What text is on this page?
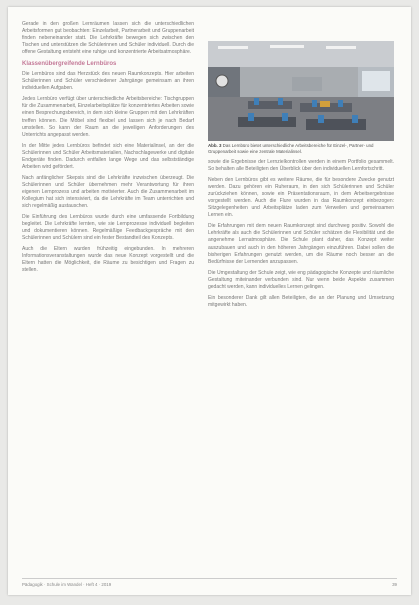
Gerade in den großen Lernräumen lassen sich die unterschiedlichen Arbeitsformen gut beobachten: Einzelarbeit, Partnerarbeit und Gruppenarbeit finden nebeneinander statt. Die Lehrkräfte bewegen sich zwischen den Tischen und unterstützen die Schülerinnen und Schüler individuell. Durch die offene Gestaltung entsteht eine ruhige und konzentrierte Arbeitsatmosphäre.

Klassenübergreifende Lernbüros

Die Lernbüros sind das Herzstück des neuen Raumkonzepts. Hier arbeiten Schülerinnen und Schüler verschiedener Jahrgänge gemeinsam an ihren individuellen Aufgaben.

Jedes Lernbüro verfügt über unterschiedliche Arbeitsbereiche: Tischgruppen für die Zusammenarbeit, Einzelarbeitsplätze für konzentriertes Arbeiten sowie einen Besprechungsbereich, in dem sich kleine Gruppen mit den Lehrkräften treffen können. Die Möbel sind flexibel und lassen sich je nach Bedarf umstellen. So kann der Raum an die jeweiligen Anforderungen des Unterrichts angepasst werden.

In der Mitte jedes Lernbüros befindet sich eine Materialinsel, an der die Schülerinnen und Schüler Arbeitsmaterialien, Nachschlagewerke und digitale Endgeräte finden. Dadurch entfallen lange Wege und das selbstständige Arbeiten wird gefördert.

Nach anfänglicher Skepsis sind die Lehrkräfte inzwischen überzeugt. Die Schülerinnen und Schüler übernehmen mehr Verantwortung für ihren eigenen Lernprozess und arbeiten motivierter. Auch die Zusammenarbeit im Kollegium hat sich intensiviert, da die Lehrkräfte im Team unterrichten und sich regelmäßig austauschen.

Die Einführung des Lernbüros wurde durch eine umfassende Fortbildung begleitet. Die Lehrkräfte lernten, wie sie Lernprozesse individuell begleiten und dokumentieren können. Regelmäßige Feedbackgespräche mit den Schülerinnen und Schülern sind ein fester Bestandteil des Konzepts.

Auch die Eltern wurden frühzeitig eingebunden. In mehreren Informationsveranstaltungen wurde das neue Konzept vorgestellt und die Eltern hatten die Möglichkeit, die Räume zu besichtigen und Fragen zu stellen.

Abb. 3 Das Lernbüro bietet unterschiedliche Arbeitsbereiche für Einzel-, Partner- und Gruppenarbeit sowie eine zentrale Materialinsel.

sowie die Ergebnisse der Lernzielkontrollen werden in einem Portfolio gesammelt. So behalten alle Beteiligten den Überblick über den individuellen Lernfortschritt.

Neben den Lernbüros gibt es weitere Räume, die für besondere Zwecke genutzt werden. Dazu gehören ein Ruheraum, in den sich Schülerinnen und Schüler zurückziehen können, sowie ein Präsentationsraum, in dem Arbeitsergebnisse vorgestellt werden. Auch die Flure wurden in das Raumkonzept einbezogen: Sitzgelegenheiten und Arbeitsplätze laden zum Verweilen und gemeinsamen Lernen ein.

Die Erfahrungen mit dem neuen Raumkonzept sind durchweg positiv. Sowohl die Lehrkräfte als auch die Schülerinnen und Schüler schätzen die Flexibilität und die angenehme Lernatmosphäre. Die Schule plant daher, das Konzept weiter auszubauen und auch in den höheren Jahrgängen einzuführen. Dabei sollen die bisherigen Erfahrungen genutzt werden, um die Räume noch besser an die Bedürfnisse der Lernenden anzupassen.

Die Umgestaltung der Schule zeigt, wie eng pädagogische Konzepte und räumliche Gestaltung miteinander verbunden sind. Nur wenn beide Aspekte zusammen gedacht werden, kann individuelles Lernen gelingen.

Ein besonderer Dank gilt allen Beteiligten, die an der Planung und Umsetzung mitgewirkt haben.

Pädagogik · Schule im Wandel · Heft 4 · 2019	39
